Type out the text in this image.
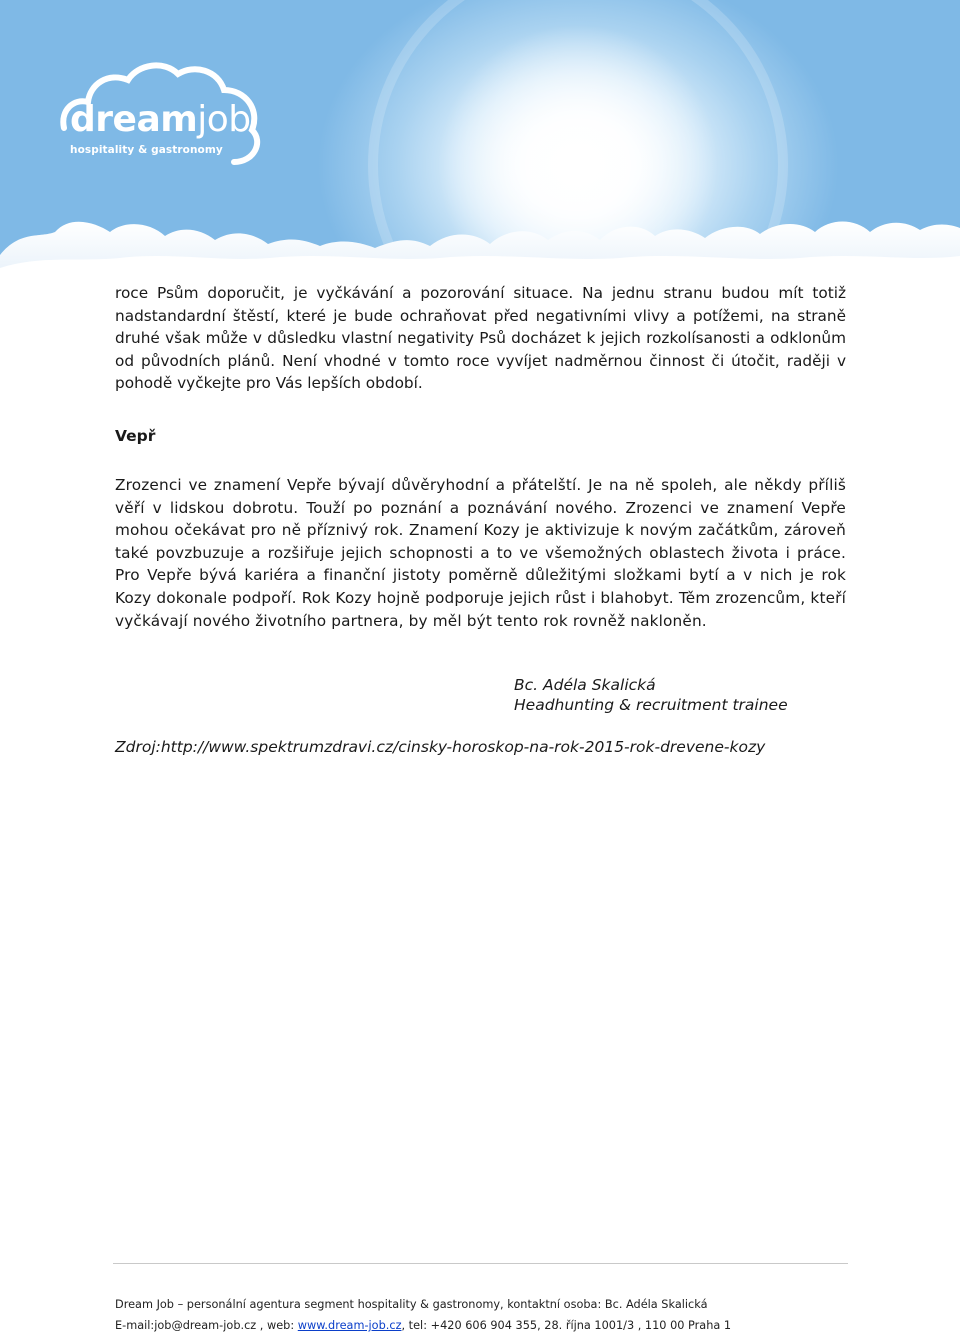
dreamjob
hospitality & gastronomy

roce Psům doporučit, je vyčkávání a pozorování situace. Na jednu stranu budou mít totiž nadstandardní štěstí, které je bude ochraňovat před negativními vlivy a potížemi, na straně druhé však může v důsledku vlastní negativity Psů docházet k jejich rozkolísanosti a odklonům od původních plánů. Není vhodné v tomto roce vyvíjet nadměrnou činnost či útočit, raději v pohodě vyčkejte pro Vás lepších období.

Vepř

Zrozenci ve znamení Vepře bývají důvěryhodní a přátelští. Je na ně spoleh, ale někdy příliš věří v lidskou dobrotu. Touží po poznání a poznávání nového. Zrozenci ve znamení Vepře mohou očekávat pro ně příznivý rok. Znamení Kozy je aktivizuje k novým začátkům, zároveň také povzbuzuje a rozšiřuje jejich schopnosti a to ve všemožných oblastech života i práce. Pro Vepře bývá kariéra a finanční jistoty poměrně důležitými složkami bytí a v nich je rok Kozy dokonale podpoří. Rok Kozy hojně podporuje jejich růst i blahobyt. Těm zrozencům, kteří vyčkávají nového životního partnera, by měl být tento rok rovněž nakloněn.

Bc. Adéla Skalická
Headhunting & recruitment trainee
Zdroj:http://www.spektrumzdravi.cz/cinsky-horoskop-na-rok-2015-rok-drevene-kozy
Dream Job – personální agentura segment hospitality & gastronomy, kontaktní osoba: Bc. Adéla Skalická
E-mail:job@dream-job.cz , web: www.dream-job.cz, tel: +420 606 904 355, 28. října 1001/3 , 110 00 Praha 1
